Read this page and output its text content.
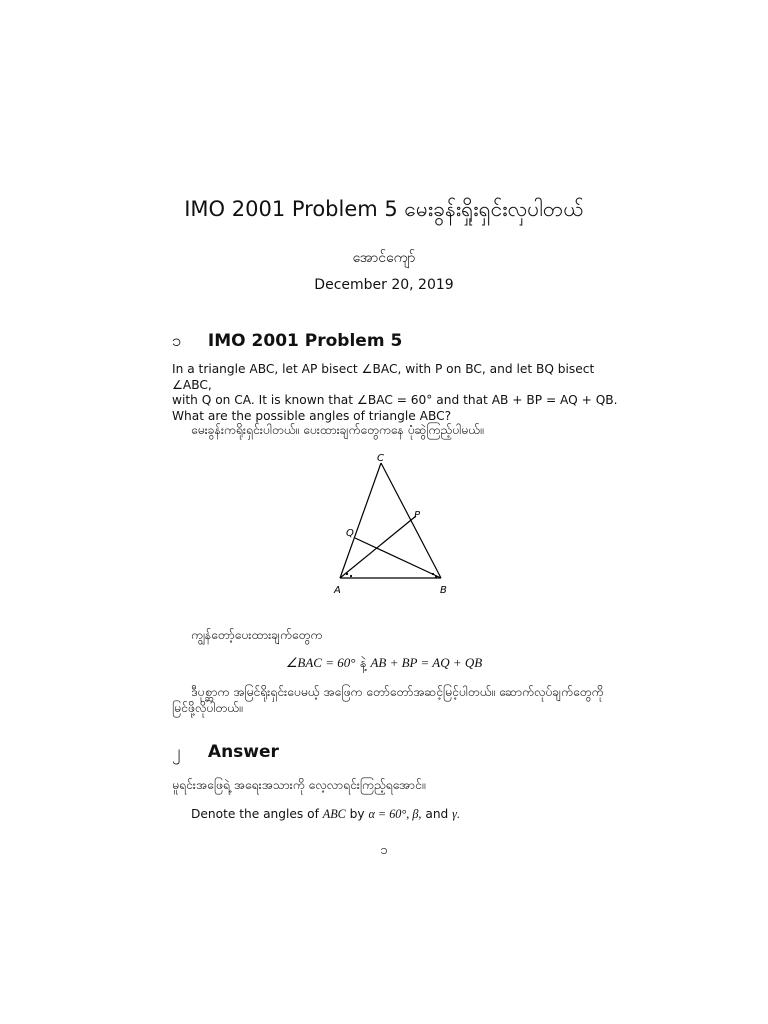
IMO 2001 Problem 5 မေးခွန်းရှိုးရှင်းလှပါတယ်
အောင်ကျော်
December 20, 2019
၁ IMO 2001 Problem 5
In a triangle ABC, let AP bisect ∠BAC, with P on BC, and let BQ bisect ∠ABC,
with Q on CA. It is known that ∠BAC = 60° and that AB + BP = AQ + QB.
What are the possible angles of triangle ABC?
မေးခွန်းကရိုးရှင်းပါတယ်။ ပေးထားချက်တွေကနေ ပုံဆွဲကြည့်ပါမယ်။
C
A	B
P
Q
ကျွန်တော့်ပေးထားချက်တွေက
∠BAC = 60° နဲ့ AB + BP = AQ + QB
ဒီပုစ္ဆာက အမြင်ရိုးရှင်းပေမယ့် အဖြေက တော်တော်အဆင့်မြင့်ပါတယ်။ ဆောက်လုပ်ချက်တွေကို
မြင်ဖို့လိုပါတယ်။
၂ Answer
မူရင်းအဖြေရဲ့ အရေးအသားကို လေ့လာရင်းကြည့်ရအောင်။
Denote the angles of ABC by α = 60°, β, and γ.
၁
